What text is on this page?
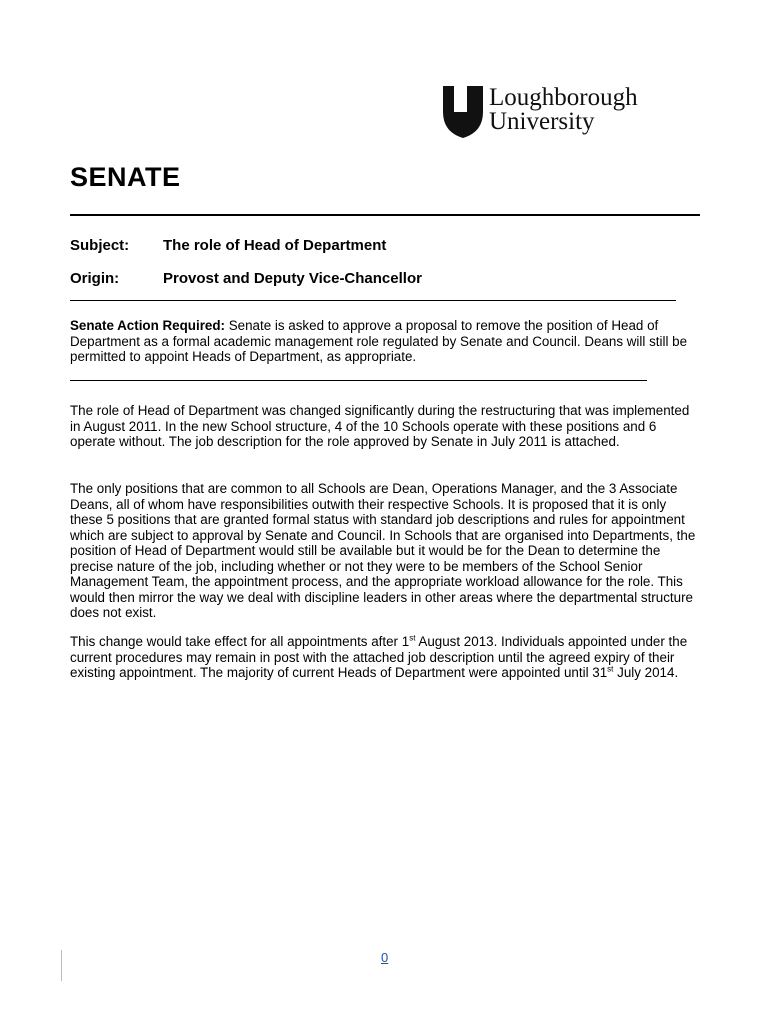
Loughborough
University
SENATE
Subject: The role of Head of Department
Origin:	Provost and Deputy Vice-Chancellor

Senate Action Required: Senate is asked to approve a proposal to remove the position of Head of Department as a formal academic management role regulated by Senate and Council. Deans will still be permitted to appoint Heads of Department, as appropriate.

The role of Head of Department was changed significantly during the restructuring that was implemented in August 2011. In the new School structure, 4 of the 10 Schools operate with these positions and 6 operate without. The job description for the role approved by Senate in July 2011 is attached.

The only positions that are common to all Schools are Dean, Operations Manager, and the 3 Associate Deans, all of whom have responsibilities outwith their respective Schools. It is proposed that it is only these 5 positions that are granted formal status with standard job descriptions and rules for appointment which are subject to approval by Senate and Council. In Schools that are organised into Departments, the position of Head of Department would still be available but it would be for the Dean to determine the precise nature of the job, including whether or not they were to be members of the School Senior Management Team, the appointment process, and the appropriate workload allowance for the role. This would then mirror the way we deal with discipline leaders in other areas where the departmental structure does not exist.

This change would take effect for all appointments after 1st August 2013. Individuals appointed under the current procedures may remain in post with the attached job description until the agreed expiry of their existing appointment. The majority of current Heads of Department were appointed until 31st July 2014.

0
